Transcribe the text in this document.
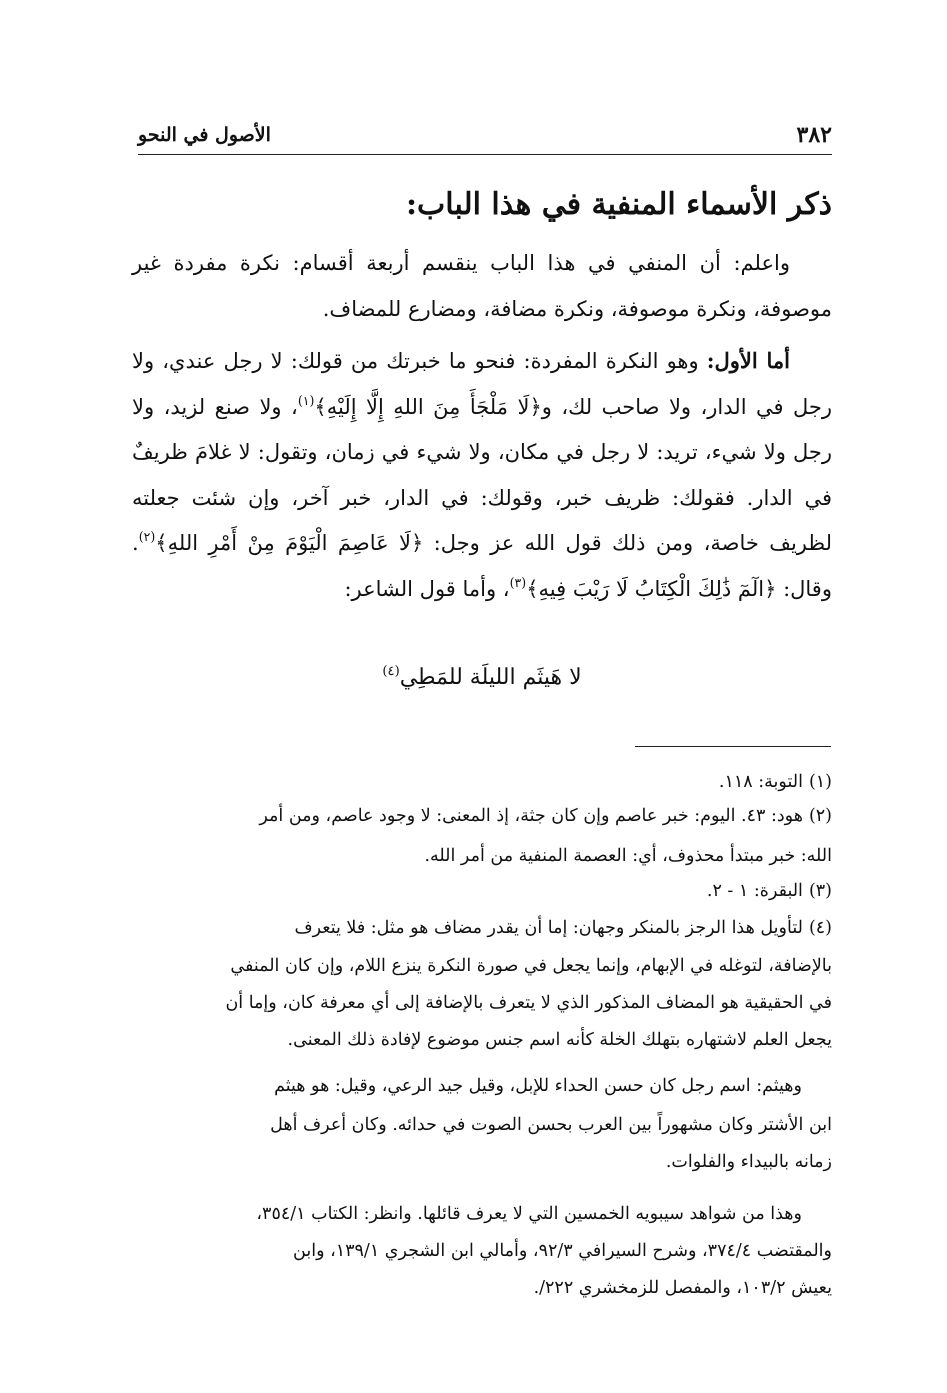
الأصول في النحو	٣٨٢
ذكر الأسماء المنفية في هذا الباب:
واعلم: أن المنفي في هذا الباب ينقسم أربعة أقسام: نكرة مفردة غير موصوفة، ونكرة موصوفة، ونكرة مضافة، ومضارع للمضاف.
أما الأول: وهو النكرة المفردة: فنحو ما خبرتك من قولك: لا رجل عندي، ولا رجل في الدار، ولا صاحب لك، و﴿لَا مَلْجَأَ مِنَ اللهِ إِلَّا إِلَيْهِ﴾$^{(١)}$، ولا صنع لزيد، ولا رجل ولا شيء، تريد: لا رجل في مكان، ولا شيء في زمان، وتقول: لا غلامَ ظريفٌ في الدار. فقولك: ظريف خبر، وقولك: في الدار، خبر آخر، وإن شئت جعلته لظريف خاصة، ومن ذلك قول الله عز وجل: ﴿لَا عَاصِمَ الْيَوْمَ مِنْ أَمْرِ اللهِ﴾$^{(٢)}$. وقال: ﴿الٓمٓ ذَٰلِكَ الْكِتَابُ لَا رَيْبَ فِيهِ﴾$^{(٣)}$، وأما قول الشاعر:
لا هَيثَم الليلَة للمَطِي$^{(٤)}$
(١)التوبة: ١١٨.
(٢)هود: ٤٣. اليوم: خبر عاصم وإن كان جثة، إذ المعنى: لا وجود عاصم، ومن أمر
الله: خبر مبتدأ محذوف، أي: العصمة المنفية من أمر الله.
(٣)البقرة: ١ - ٢.
(٤)لتأويل هذا الرجز بالمنكر وجهان: إما أن يقدر مضاف هو مثل: فلا يتعرف
بالإضافة، لتوغله في الإبهام، وإنما يجعل في صورة النكرة ينزع اللام، وإن كان المنفي
في الحقيقية هو المضاف المذكور الذي لا يتعرف بالإضافة إلى أي معرفة كان، وإما أن
يجعل العلم لاشتهاره بتهلك الخلة كأنه اسم جنس موضوع لإفادة ذلك المعنى.
وهيثم: اسم رجل كان حسن الحداء للإبل، وقيل جيد الرعي، وقيل: هو هيثم
ابن الأشتر وكان مشهوراً بين العرب بحسن الصوت في حدائه. وكان أعرف أهل
زمانه بالبيداء والفلوات.
وهذا من شواهد سيبويه الخمسين التي لا يعرف قائلها. وانظر: الكتاب ٣٥٤/١،
والمقتضب ٣٧٤/٤، وشرح السيرافي ٩٢/٣، وأمالي ابن الشجري ١٣٩/١، وابن
يعيش ١٠٣/٢، والمفصل للزمخشري ٢٢٢/.
